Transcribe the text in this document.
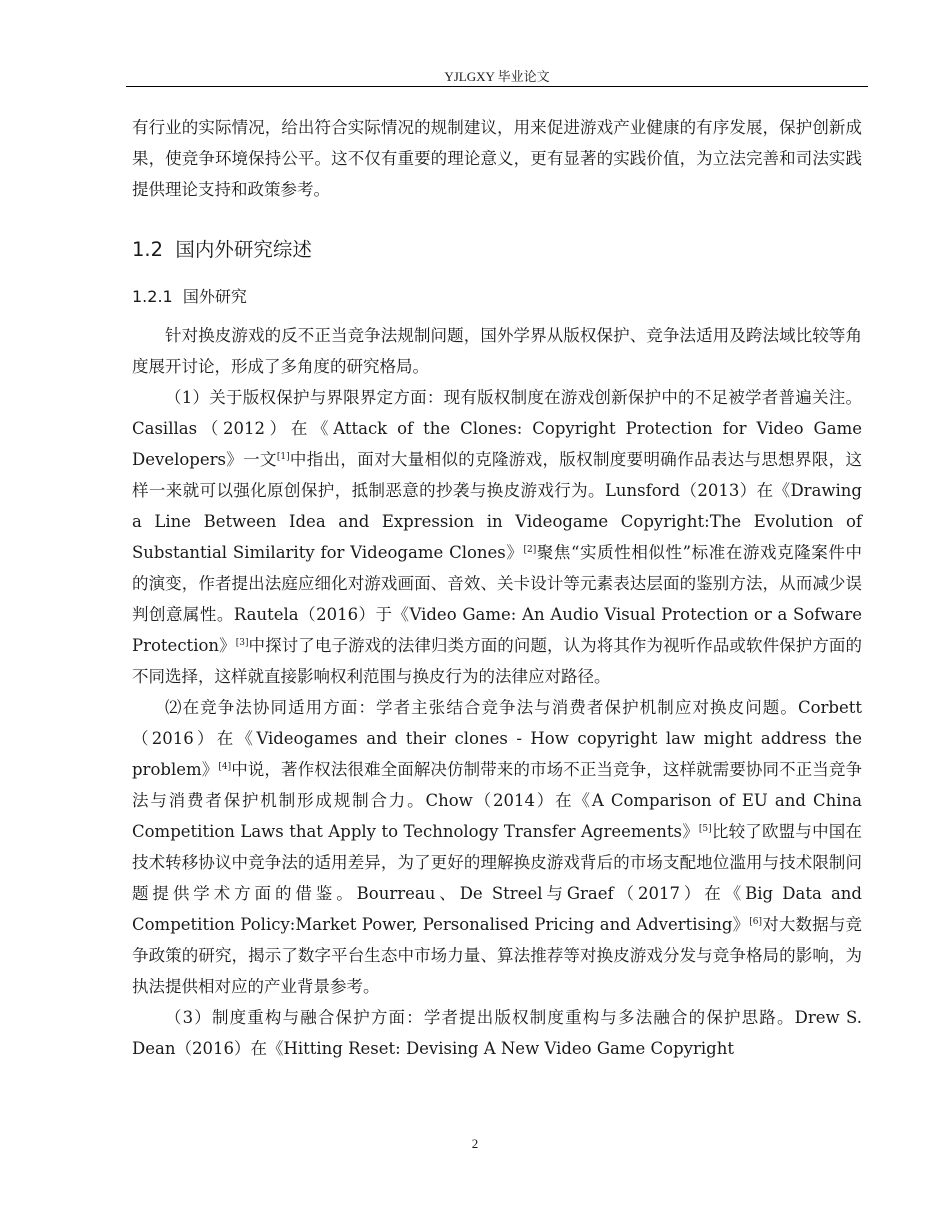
YJLGXY 毕业论文

有行业的实际情况，给出符合实际情况的规制建议，用来促进游戏产业健康的有序发展，保护创新成果，使竞争环境保持公平。这不仅有重要的理论意义，更有显著的实践价值，为立法完善和司法实践提供理论支持和政策参考。

1.2 国内外研究综述
1.2.1 国外研究

针对换皮游戏的反不正当竞争法规制问题，国外学界从版权保护、竞争法适用及跨法域比较等角度展开讨论，形成了多角度的研究格局。

（1）关于版权保护与界限界定方面：现有版权制度在游戏创新保护中的不足被学者普遍关注。Casillas（2012）在《Attack of the Clones: Copyright Protection for Video Game Developers》一文[1]中指出，面对大量相似的克隆游戏，版权制度要明确作品表达与思想界限，这样一来就可以强化原创保护，抵制恶意的抄袭与换皮游戏行为。Lunsford（2013）在《Drawing a Line Between Idea and Expression in Videogame Copyright:The Evolution of Substantial Similarity for Videogame Clones》[2]聚焦“实质性相似性”标准在游戏克隆案件中的演变，作者提出法庭应细化对游戏画面、音效、关卡设计等元素表达层面的鉴别方法，从而减少误判创意属性。Rautela（2016）于《Video Game: An Audio Visual Protection or a Sofware Protection》[3]中探讨了电子游戏的法律归类方面的问题，认为将其作为视听作品或软件保护方面的不同选择，这样就直接影响权利范围与换皮行为的法律应对路径。

⑵在竞争法协同适用方面：学者主张结合竞争法与消费者保护机制应对换皮问题。Corbett（2016）在《Videogames and their clones - How copyright law might address the problem》[4]中说，著作权法很难全面解决仿制带来的市场不正当竞争，这样就需要协同不正当竞争法与消费者保护机制形成规制合力。Chow（2014）在《A Comparison of EU and China Competition Laws that Apply to Technology Transfer Agreements》[5]比较了欧盟与中国在技术转移协议中竞争法的适用差异，为了更好的理解换皮游戏背后的市场支配地位滥用与技术限制问题提供学术方面的借鉴。Bourreau、De Streel与Graef（2017）在《Big Data and Competition Policy:Market Power, Personalised Pricing and Advertising》[6]对大数据与竞争政策的研究，揭示了数字平台生态中市场力量、算法推荐等对换皮游戏分发与竞争格局的影响，为执法提供相对应的产业背景参考。

（3）制度重构与融合保护方面：学者提出版权制度重构与多法融合的保护思路。Drew S. Dean（2016）在《Hitting Reset: Devising A New Video Game Copyright

2
